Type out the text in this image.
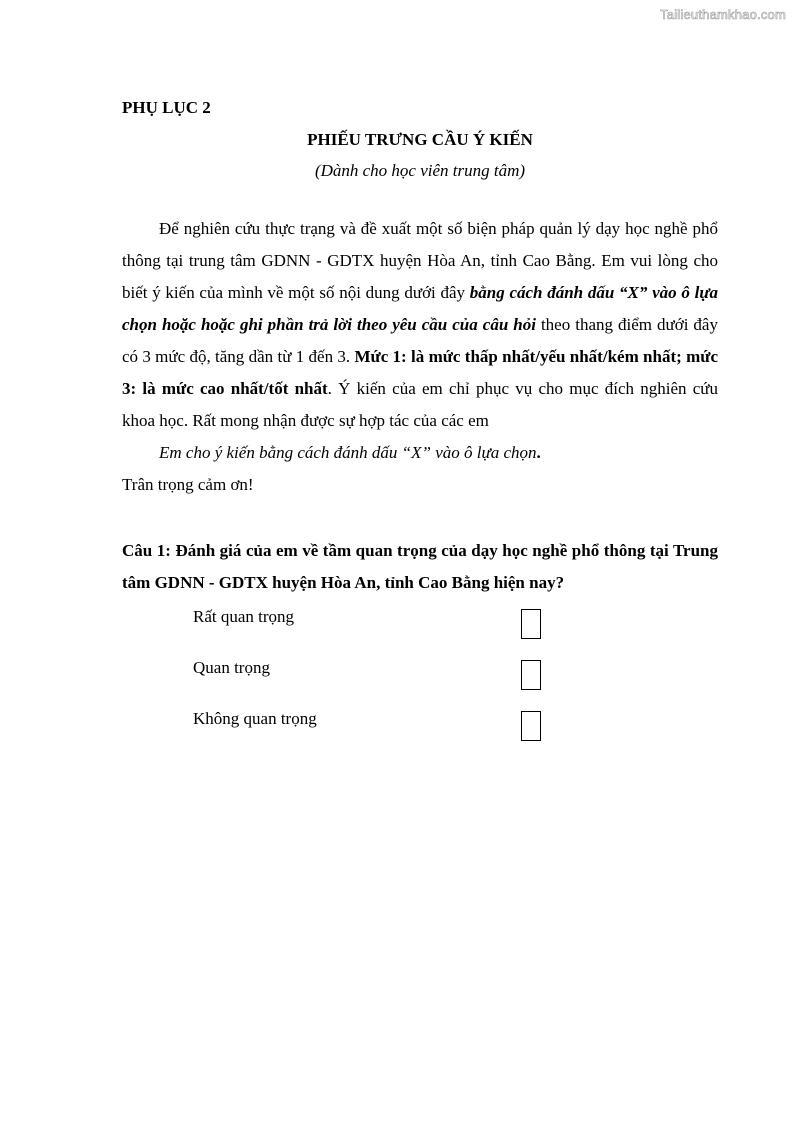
Tailieuthamkhao.com

PHỤ LỤC 2

PHIẾU TRƯNG CẦU Ý KIẾN

(Dành cho học viên trung tâm)

Để nghiên cứu thực trạng và đề xuất một số biện pháp quản lý dạy học nghề phổ thông tại trung tâm GDNN - GDTX huyện Hòa An, tỉnh Cao Bằng. Em vui lòng cho biết ý kiến của mình về một số nội dung dưới đây bằng cách đánh dấu “X” vào ô lựa chọn hoặc hoặc ghi phần trả lời theo yêu cầu của câu hỏi theo thang điểm dưới đây có 3 mức độ, tăng dần từ 1 đến 3. Mức 1: là mức thấp nhất/yếu nhất/kém nhất; mức 3: là mức cao nhất/tốt nhất. Ý kiến của em chỉ phục vụ cho mục đích nghiên cứu khoa học. Rất mong nhận được sự hợp tác của các em

Em cho ý kiến bằng cách đánh dấu “X” vào ô lựa chọn.

Trân trọng cảm ơn!

Câu 1: Đánh giá của em về tầm quan trọng của dạy học nghề phổ thông tại Trung tâm GDNN - GDTX huyện Hòa An, tỉnh Cao Bằng hiện nay?

Rất quan trọng
Quan trọng
Không quan trọng
